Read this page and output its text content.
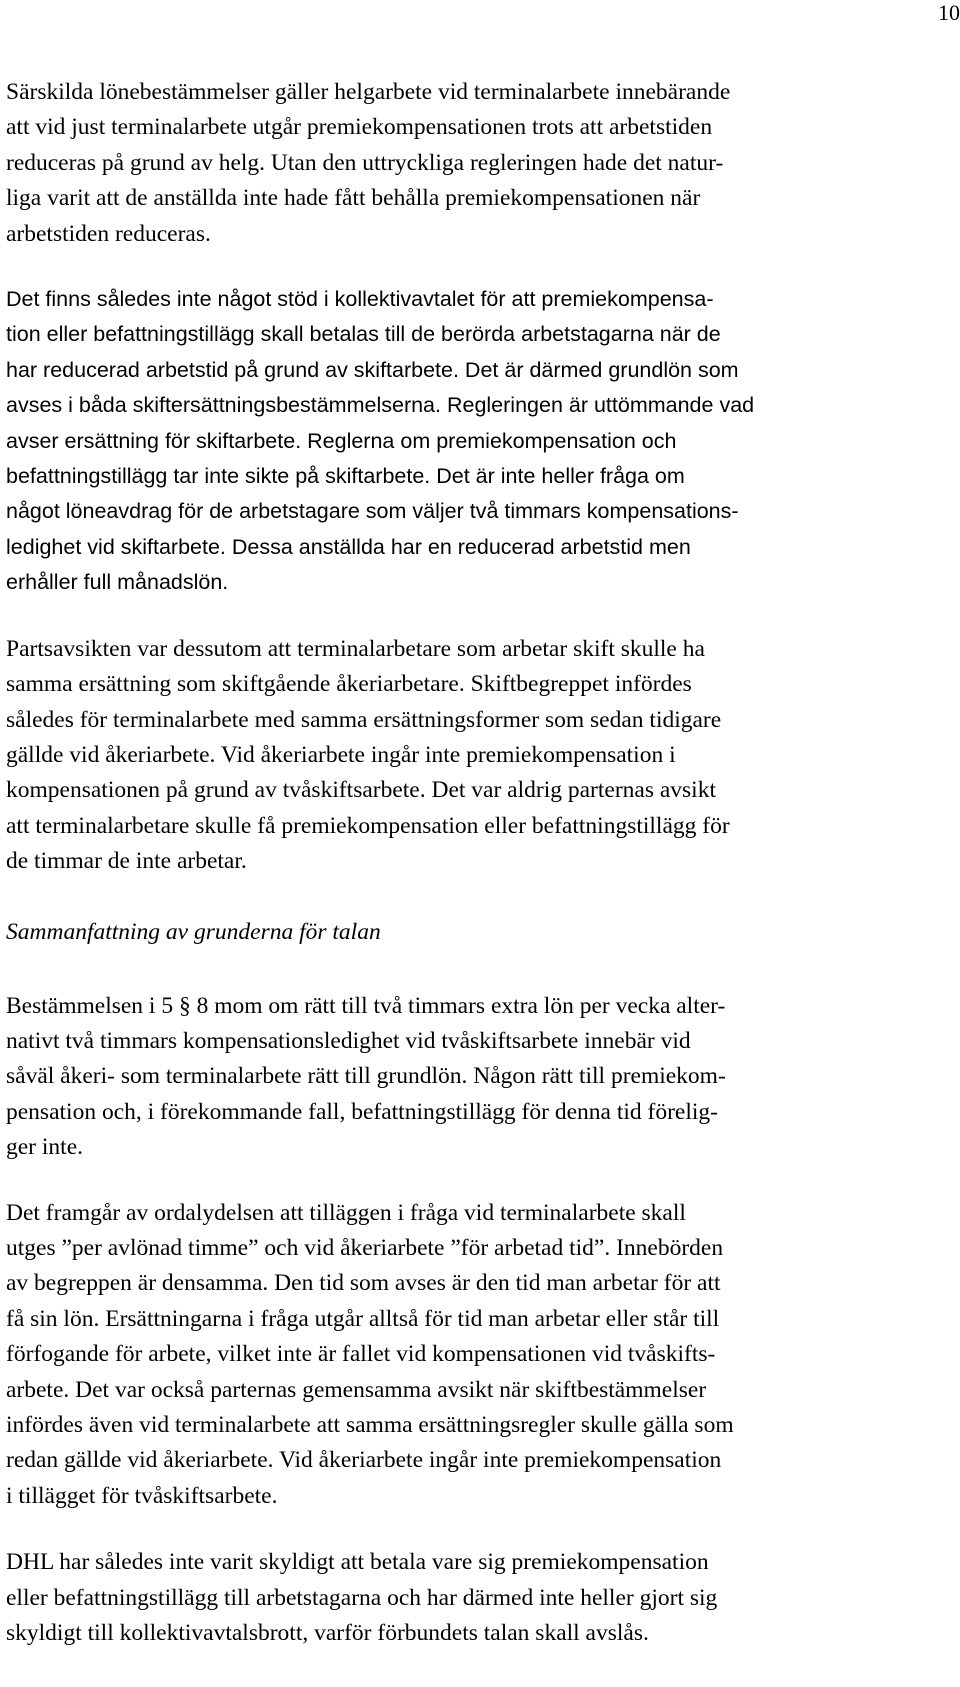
10

Särskilda lönebestämmelser gäller helgarbete vid terminalarbete innebärande
att vid just terminalarbete utgår premiekompensationen trots att arbetstiden
reduceras på grund av helg. Utan den uttryckliga regleringen hade det natur-
liga varit att de anställda inte hade fått behålla premiekompensationen när
arbetstiden reduceras.

Det finns således inte något stöd i kollektivavtalet för att premiekompensa-
tion eller befattningstillägg skall betalas till de berörda arbetstagarna när de
har reducerad arbetstid på grund av skiftarbete. Det är därmed grundlön som
avses i båda skiftersättningsbestämmelserna. Regleringen är uttömmande vad
avser ersättning för skiftarbete. Reglerna om premiekompensation och
befattningstillägg tar inte sikte på skiftarbete. Det är inte heller fråga om
något löneavdrag för de arbetstagare som väljer två timmars kompensations-
ledighet vid skiftarbete. Dessa anställda har en reducerad arbetstid men
erhåller full månadslön.

Partsavsikten var dessutom att terminalarbetare som arbetar skift skulle ha
samma ersättning som skiftgående åkeriarbetare. Skiftbegreppet infördes
således för terminalarbete med samma ersättningsformer som sedan tidigare
gällde vid åkeriarbete. Vid åkeriarbete ingår inte premiekompensation i
kompensationen på grund av tvåskiftsarbete. Det var aldrig parternas avsikt
att terminalarbetare skulle få premiekompensation eller befattningstillägg för
de timmar de inte arbetar.

Sammanfattning av grunderna för talan

Bestämmelsen i 5 § 8 mom om rätt till två timmars extra lön per vecka alter-
nativt två timmars kompensationsledighet vid tvåskiftsarbete innebär vid
såväl åkeri- som terminalarbete rätt till grundlön. Någon rätt till premiekom-
pensation och, i förekommande fall, befattningstillägg för denna tid förelig-
ger inte.

Det framgår av ordalydelsen att tilläggen i fråga vid terminalarbete skall
utges ”per avlönad timme” och vid åkeriarbete ”för arbetad tid”. Innebörden
av begreppen är densamma. Den tid som avses är den tid man arbetar för att
få sin lön. Ersättningarna i fråga utgår alltså för tid man arbetar eller står till
förfogande för arbete, vilket inte är fallet vid kompensationen vid tvåskifts-
arbete. Det var också parternas gemensamma avsikt när skiftbestämmelser
infördes även vid terminalarbete att samma ersättningsregler skulle gälla som
redan gällde vid åkeriarbete. Vid åkeriarbete ingår inte premiekompensation
i tillägget för tvåskiftsarbete.

DHL har således inte varit skyldigt att betala vare sig premiekompensation
eller befattningstillägg till arbetstagarna och har därmed inte heller gjort sig
skyldigt till kollektivavtalsbrott, varför förbundets talan skall avslås.
